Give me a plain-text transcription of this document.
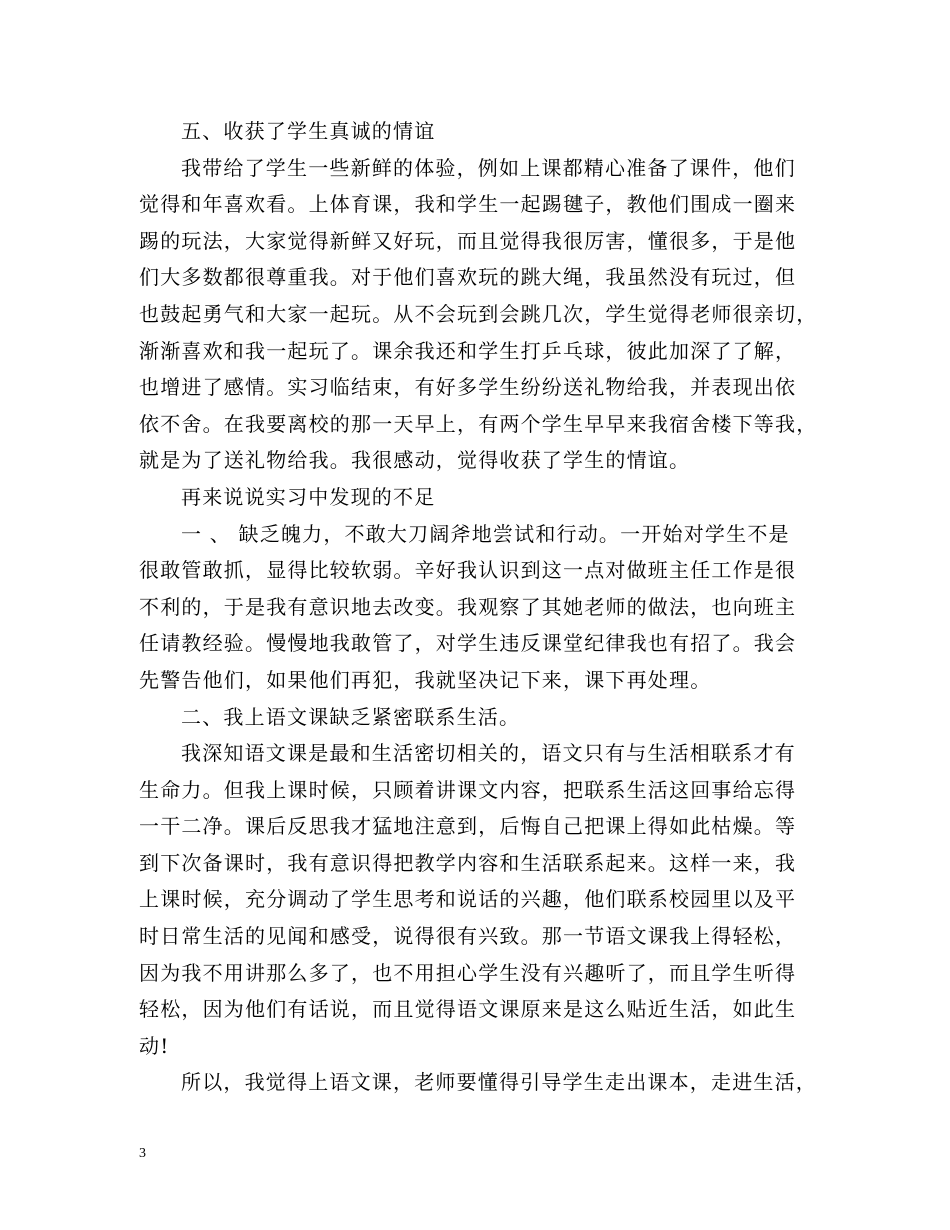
五、收获了学生真诚的情谊
我带给了学生一些新鲜的体验，例如上课都精心准备了课件，他们
觉得和年喜欢看。上体育课，我和学生一起踢毽子，教他们围成一圈来
踢的玩法，大家觉得新鲜又好玩，而且觉得我很厉害，懂很多，于是他
们大多数都很尊重我。对于他们喜欢玩的跳大绳，我虽然没有玩过，但
也鼓起勇气和大家一起玩。从不会玩到会跳几次，学生觉得老师很亲切，
渐渐喜欢和我一起玩了。课余我还和学生打乒乓球，彼此加深了了解，
也增进了感情。实习临结束，有好多学生纷纷送礼物给我，并表现出依
依不舍。在我要离校的那一天早上，有两个学生早早来我宿舍楼下等我，
就是为了送礼物给我。我很感动，觉得收获了学生的情谊。
再来说说实习中发现的不足
一 、 缺乏魄力，不敢大刀阔斧地尝试和行动。一开始对学生不是
很敢管敢抓，显得比较软弱。辛好我认识到这一点对做班主任工作是很
不利的，于是我有意识地去改变。我观察了其她老师的做法，也向班主
任请教经验。慢慢地我敢管了，对学生违反课堂纪律我也有招了。我会
先警告他们，如果他们再犯，我就坚决记下来，课下再处理。
二、我上语文课缺乏紧密联系生活。
我深知语文课是最和生活密切相关的，语文只有与生活相联系才有
生命力。但我上课时候，只顾着讲课文内容，把联系生活这回事给忘得
一干二净。课后反思我才猛地注意到，后悔自己把课上得如此枯燥。等
到下次备课时，我有意识得把教学内容和生活联系起来。这样一来，我
上课时候，充分调动了学生思考和说话的兴趣，他们联系校园里以及平
时日常生活的见闻和感受，说得很有兴致。那一节语文课我上得轻松，
因为我不用讲那么多了，也不用担心学生没有兴趣听了，而且学生听得
轻松，因为他们有话说，而且觉得语文课原来是这么贴近生活，如此生
动!
所以，我觉得上语文课，老师要懂得引导学生走出课本，走进生活，
3
